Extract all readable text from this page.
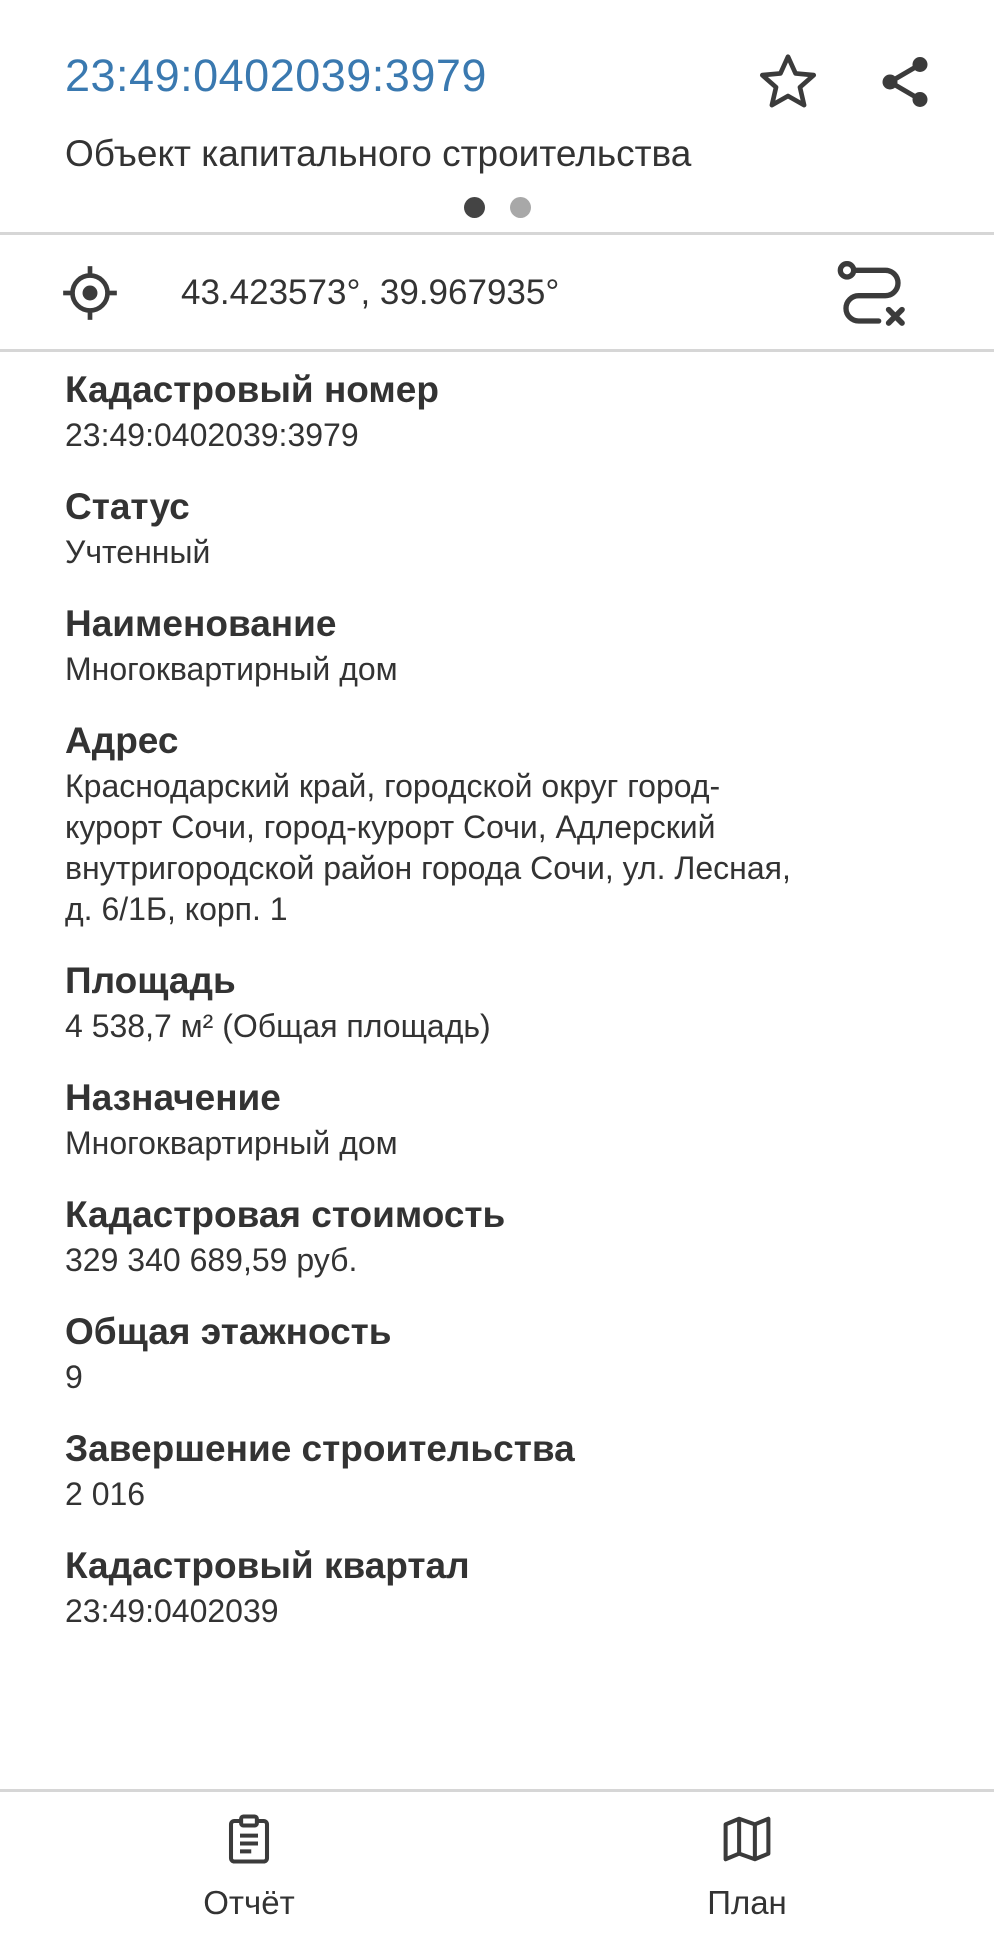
23:49:0402039:3979
Объект капитального строительства
43.423573°, 39.967935°
Кадастровый номер
23:49:0402039:3979
Статус
Учтенный
Наименование
Многоквартирный дом
Адрес
Краснодарский край, городской округ город-
курорт Сочи, город-курорт Сочи, Адлерский
внутригородской район города Сочи, ул. Лесная,
д. 6/1Б, корп. 1
Площадь
4 538,7 м² (Общая площадь)
Назначение
Многоквартирный дом
Кадастровая стоимость
329 340 689,59 руб.
Общая этажность
9
Завершение строительства
2 016
Кадастровый квартал
23:49:0402039
Отчёт	План
